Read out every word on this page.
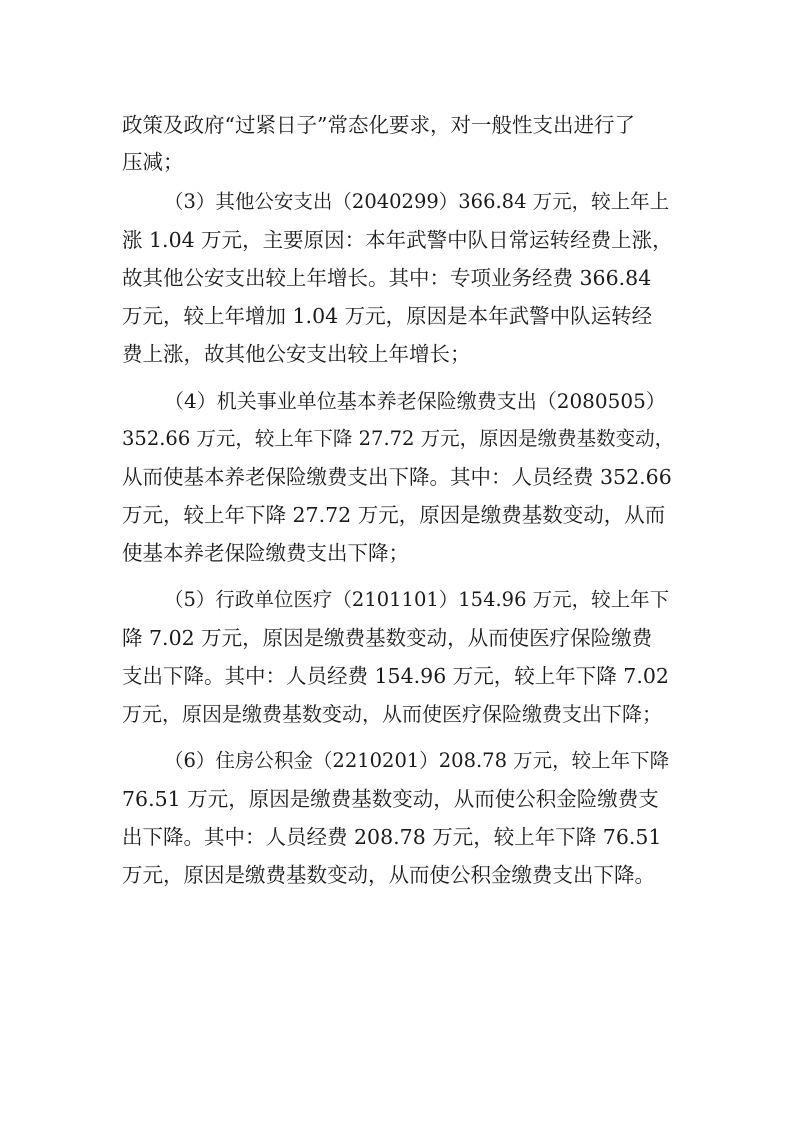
政策及政府“过紧日子”常态化要求，对一般性支出进行了
压减；
（3）其他公安支出（2040299）366.84 万元，较上年上
涨 1.04 万元，主要原因：本年武警中队日常运转经费上涨，
故其他公安支出较上年增长。其中：专项业务经费 366.84
万元，较上年增加 1.04 万元，原因是本年武警中队运转经
费上涨，故其他公安支出较上年增长；
（4）机关事业单位基本养老保险缴费支出（2080505）
352.66 万元，较上年下降 27.72 万元，原因是缴费基数变动，
从而使基本养老保险缴费支出下降。其中：人员经费 352.66
万元，较上年下降 27.72 万元，原因是缴费基数变动，从而
使基本养老保险缴费支出下降；
（5）行政单位医疗（2101101）154.96 万元，较上年下
降 7.02 万元，原因是缴费基数变动，从而使医疗保险缴费
支出下降。其中：人员经费 154.96 万元，较上年下降 7.02
万元，原因是缴费基数变动，从而使医疗保险缴费支出下降；
（6）住房公积金（2210201）208.78 万元，较上年下降
76.51 万元，原因是缴费基数变动，从而使公积金险缴费支
出下降。其中：人员经费 208.78 万元，较上年下降 76.51
万元，原因是缴费基数变动，从而使公积金缴费支出下降。
